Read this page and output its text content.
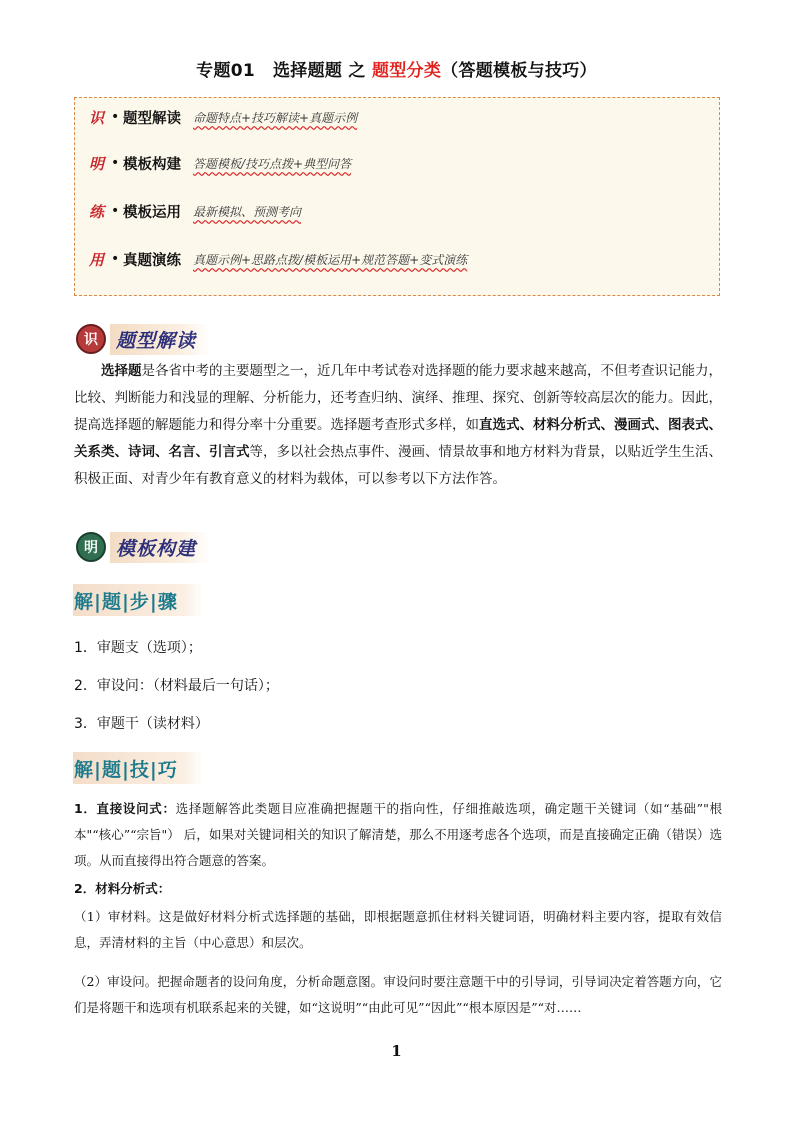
专题01 选择题题 之 题型分类（答题模板与技巧）
识 • 题型解读 命题特点+技巧解读+真题示例
明 • 模板构建 答题模板/技巧点拨+典型问答
练 • 模板运用 最新模拟、预测考向
用 • 真题演练 真题示例+思路点拨/模板运用+规范答题+变式演练
识 题型解读
选择题是各省中考的主要题型之一，近几年中考试卷对选择题的能力要求越来越高，不但考查识记能力，比较、判断能力和浅显的理解、分析能力，还考查归纳、演绎、推理、探究、创新等较高层次的能力。因此，提高选择题的解题能力和得分率十分重要。选择题考查形式多样，如直选式、材料分析式、漫画式、图表式、关系类、诗词、名言、引言式等，多以社会热点事件、漫画、情景故事和地方材料为背景，以贴近学生生活、积极正面、对青少年有教育意义的材料为载体，可以参考以下方法作答。
明 模板构建
解|题|步|骤
1．审题支（选项）；
2．审设问：（材料最后一句话）；
3．审题干（读材料）
解|题|技|巧
1．直接设问式：选择题解答此类题目应准确把握题干的指向性，仔细推敲选项，确定题干关键词（如“基础”"根本"“核心”“宗旨"） 后，如果对关键词相关的知识了解清楚，那么不用逐考虑各个选项，而是直接确定正确（错误）选项。从而直接得出符合题意的答案。
2．材料分析式：
（1）审材料。这是做好材料分析式选择题的基础，即根据题意抓住材料关键词语，明确材料主要内容，提取有效信息，弄清材料的主旨（中心意思）和层次。
（2）审设问。把握命题者的设问角度，分析命题意图。审设问时要注意题干中的引导词，引导词决定着答题方向，它们是将题干和选项有机联系起来的关键，如“这说明”“由此可见”“因此”“根本原因是”“对……
1
